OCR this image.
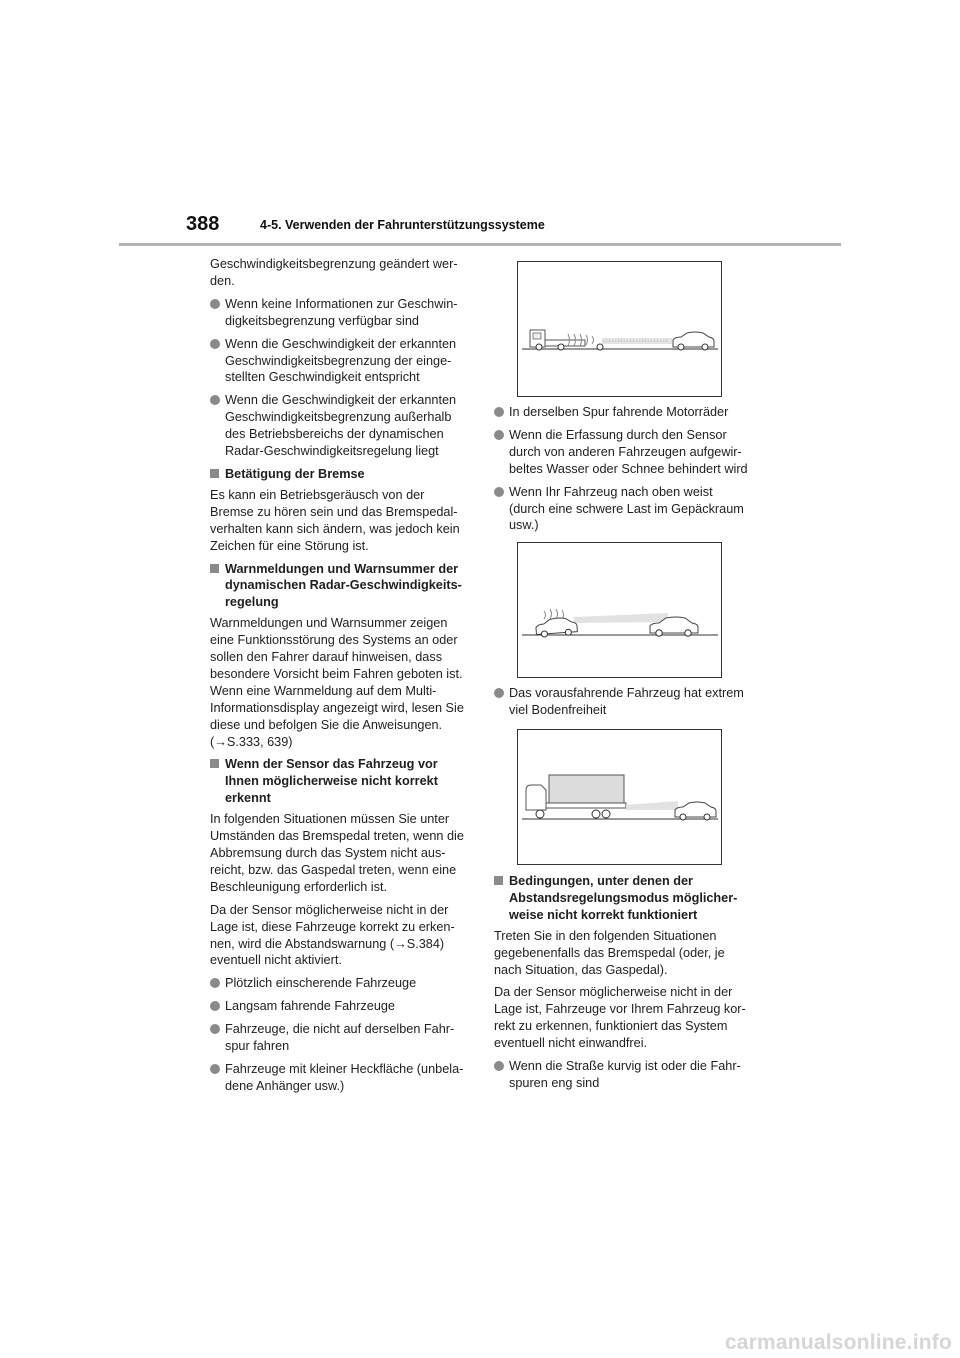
388	4-5. Verwenden der Fahrunterstützungssysteme

Geschwindigkeitsbegrenzung geändert wer-den.

Wenn keine Informationen zur Geschwin-digkeitsbegrenzung verfügbar sind
Wenn die Geschwindigkeit der erkannten Geschwindigkeitsbegrenzung der einge-stellten Geschwindigkeit entspricht
Wenn die Geschwindigkeit der erkannten Geschwindigkeitsbegrenzung außerhalb des Betriebsbereichs der dynamischen Radar-Geschwindigkeitsregelung liegt
Betätigung der Bremse

Es kann ein Betriebsgeräusch von der Bremse zu hören sein und das Bremspedal-verhalten kann sich ändern, was jedoch kein Zeichen für eine Störung ist.

Warnmeldungen und Warnsummer der dynamischen Radar-Geschwindigkeits-regelung

Warnmeldungen und Warnsummer zeigen eine Funktionsstörung des Systems an oder sollen den Fahrer darauf hinweisen, dass besondere Vorsicht beim Fahren geboten ist. Wenn eine Warnmeldung auf dem Multi-Informationsdisplay angezeigt wird, lesen Sie diese und befolgen Sie die Anweisungen. (→S.333, 639)

Wenn der Sensor das Fahrzeug vor Ihnen möglicherweise nicht korrekt erkennt

In folgenden Situationen müssen Sie unter Umständen das Bremspedal treten, wenn die Abbremsung durch das System nicht aus-reicht, bzw. das Gaspedal treten, wenn eine Beschleunigung erforderlich ist.

Da der Sensor möglicherweise nicht in der Lage ist, diese Fahrzeuge korrekt zu erken-nen, wird die Abstandswarnung (→S.384) eventuell nicht aktiviert.

Plötzlich einscherende Fahrzeuge
Langsam fahrende Fahrzeuge
Fahrzeuge, die nicht auf derselben Fahr-spur fahren
Fahrzeuge mit kleiner Heckfläche (unbela-dene Anhänger usw.)
In derselben Spur fahrende Motorräder
Wenn die Erfassung durch den Sensor durch von anderen Fahrzeugen aufgewir-beltes Wasser oder Schnee behindert wird
Wenn Ihr Fahrzeug nach oben weist (durch eine schwere Last im Gepäckraum usw.)
Das vorausfahrende Fahrzeug hat extrem viel Bodenfreiheit
Bedingungen, unter denen der Abstandsregelungsmodus möglicher-weise nicht korrekt funktioniert

Treten Sie in den folgenden Situationen gegebenenfalls das Bremspedal (oder, je nach Situation, das Gaspedal).

Da der Sensor möglicherweise nicht in der Lage ist, Fahrzeuge vor Ihrem Fahrzeug kor-rekt zu erkennen, funktioniert das System eventuell nicht einwandfrei.

Wenn die Straße kurvig ist oder die Fahr-spuren eng sind
carmanualsonline.info
